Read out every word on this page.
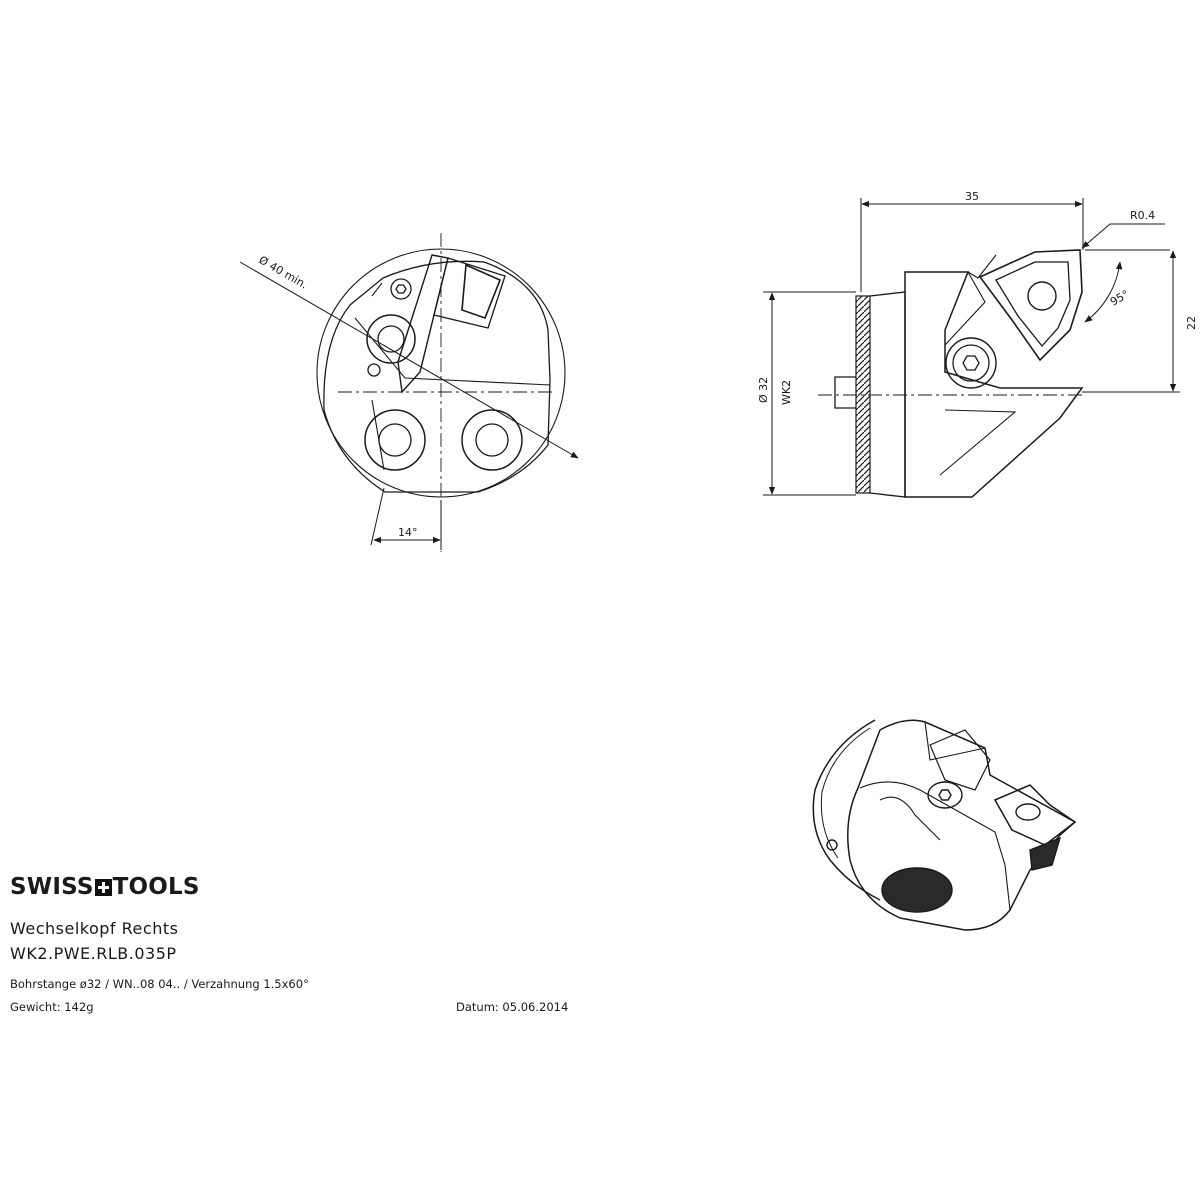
Ø 40 min.
14°
35
R0.4
95°
22
Ø 32 WK2
SWISS TOOLS
Wechselkopf Rechts
WK2.PWE.RLB.035P
Bohrstange ø32 / WN..08 04.. / Verzahnung 1.5x60°
Gewicht: 142g	Datum: 05.06.2014
